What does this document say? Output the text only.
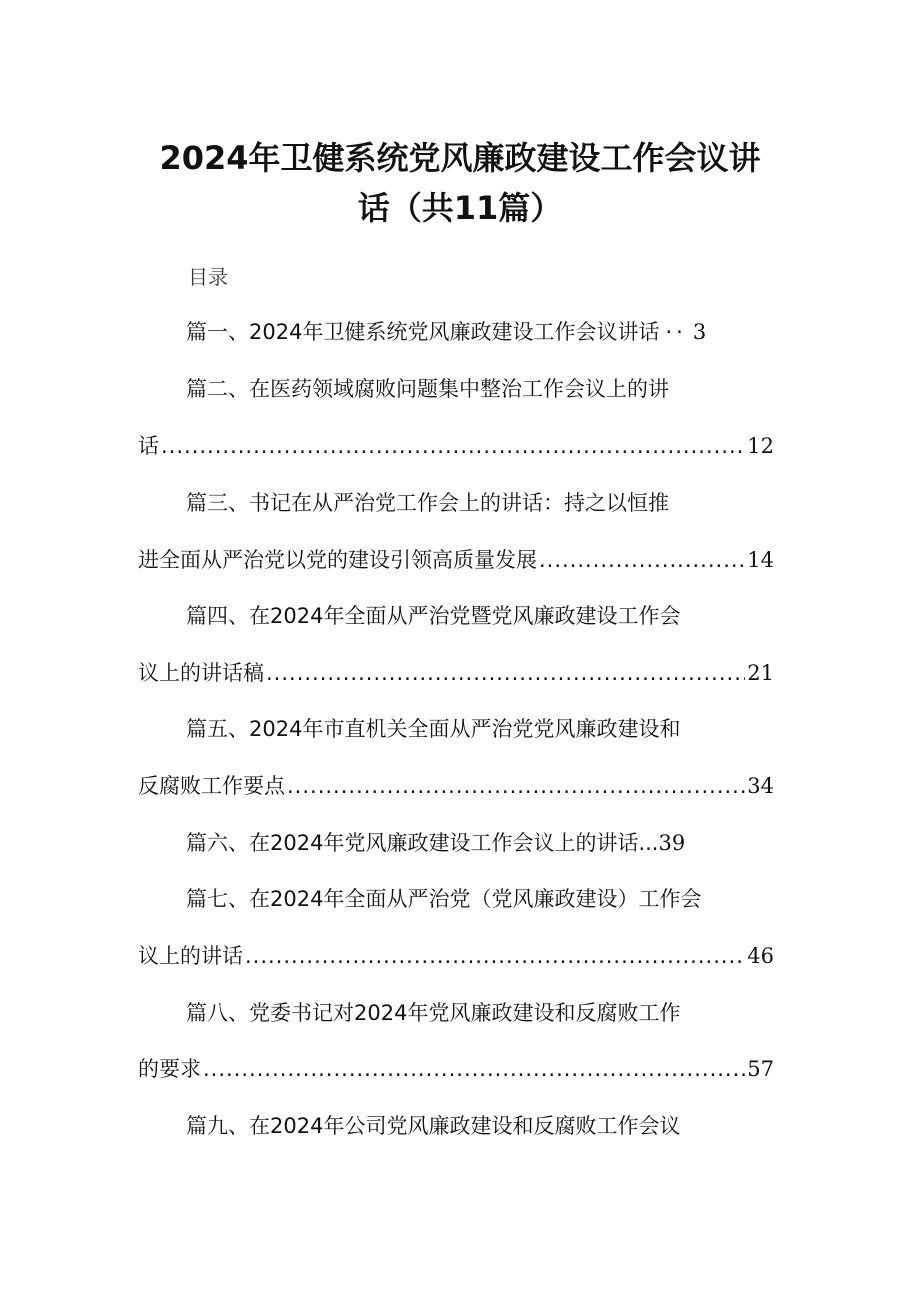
2024年卫健系统党风廉政建设工作会议讲
话（共11篇）
目录
篇一、2024年卫健系统党风廉政建设工作会议讲话 ·· 3
篇二、在医药领域腐败问题集中整治工作会议上的讲
话 .....	12
篇三、书记在从严治党工作会上的讲话：持之以恒推
进全面从严治党以党的建设引领高质量发展 .....	14
篇四、在2024年全面从严治党暨党风廉政建设工作会
议上的讲话稿 .....	21
篇五、2024年市直机关全面从严治党党风廉政建设和
反腐败工作要点 .....	34
篇六、在2024年党风廉政建设工作会议上的讲话...39
篇七、在2024年全面从严治党（党风廉政建设）工作会
议上的讲话 .....	46
篇八、党委书记对2024年党风廉政建设和反腐败工作
的要求 .....	57
篇九、在2024年公司党风廉政建设和反腐败工作会议
